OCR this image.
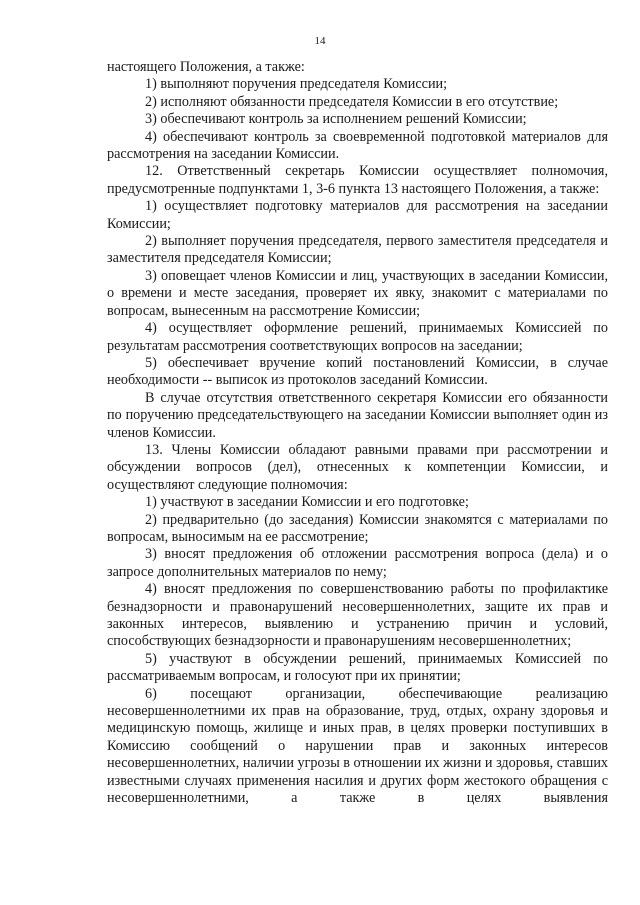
14

настоящего Положения, а также:

1) выполняют поручения председателя Комиссии;

2) исполняют обязанности председателя Комиссии в его отсутствие;

3) обеспечивают контроль за исполнением решений Комиссии;

4) обеспечивают контроль за своевременной подготовкой материалов для рассмотрения на заседании Комиссии.

12. Ответственный секретарь Комиссии осуществляет полномочия, предусмотренные подпунктами 1, 3-6 пункта 13 настоящего Положения, а также:

1) осуществляет подготовку материалов для рассмотрения на заседании Комиссии;

2) выполняет поручения председателя, первого заместителя председателя и заместителя председателя Комиссии;

3) оповещает членов Комиссии и лиц, участвующих в заседании Комиссии, о времени и месте заседания, проверяет их явку, знакомит с материалами по вопросам, вынесенным на рассмотрение Комиссии;

4) осуществляет оформление решений, принимаемых Комиссией по результатам рассмотрения соответствующих вопросов на заседании;

5) обеспечивает вручение копий постановлений Комиссии, в случае необходимости -- выписок из протоколов заседаний Комиссии.

В случае отсутствия ответственного секретаря Комиссии его обязанности по поручению председательствующего на заседании Комиссии выполняет один из членов Комиссии.

13. Члены Комиссии обладают равными правами при рассмотрении и обсуждении вопросов (дел), отнесенных к компетенции Комиссии, и осуществляют следующие полномочия:

1) участвуют в заседании Комиссии и его подготовке;

2) предварительно (до заседания) Комиссии знакомятся с материалами по вопросам, выносимым на ее рассмотрение;

3) вносят предложения об отложении рассмотрения вопроса (дела) и о запросе дополнительных материалов по нему;

4) вносят предложения по совершенствованию работы по профилактике безнадзорности и правонарушений несовершеннолетних, защите их прав и законных интересов, выявлению и устранению причин и условий, способствующих безнадзорности и правонарушениям несовершеннолетних;

5) участвуют в обсуждении решений, принимаемых Комиссией по рассматриваемым вопросам, и голосуют при их принятии;

6) посещают организации, обеспечивающие реализацию несовершеннолетними их прав на образование, труд, отдых, охрану здоровья и медицинскую помощь, жилище и иных прав, в целях проверки поступивших в Комиссию сообщений о нарушении прав и законных интересов несовершеннолетних, наличии угрозы в отношении их жизни и здоровья, ставших известными случаях применения насилия и других форм жестокого обращения с несовершеннолетними, а также в целях выявления
